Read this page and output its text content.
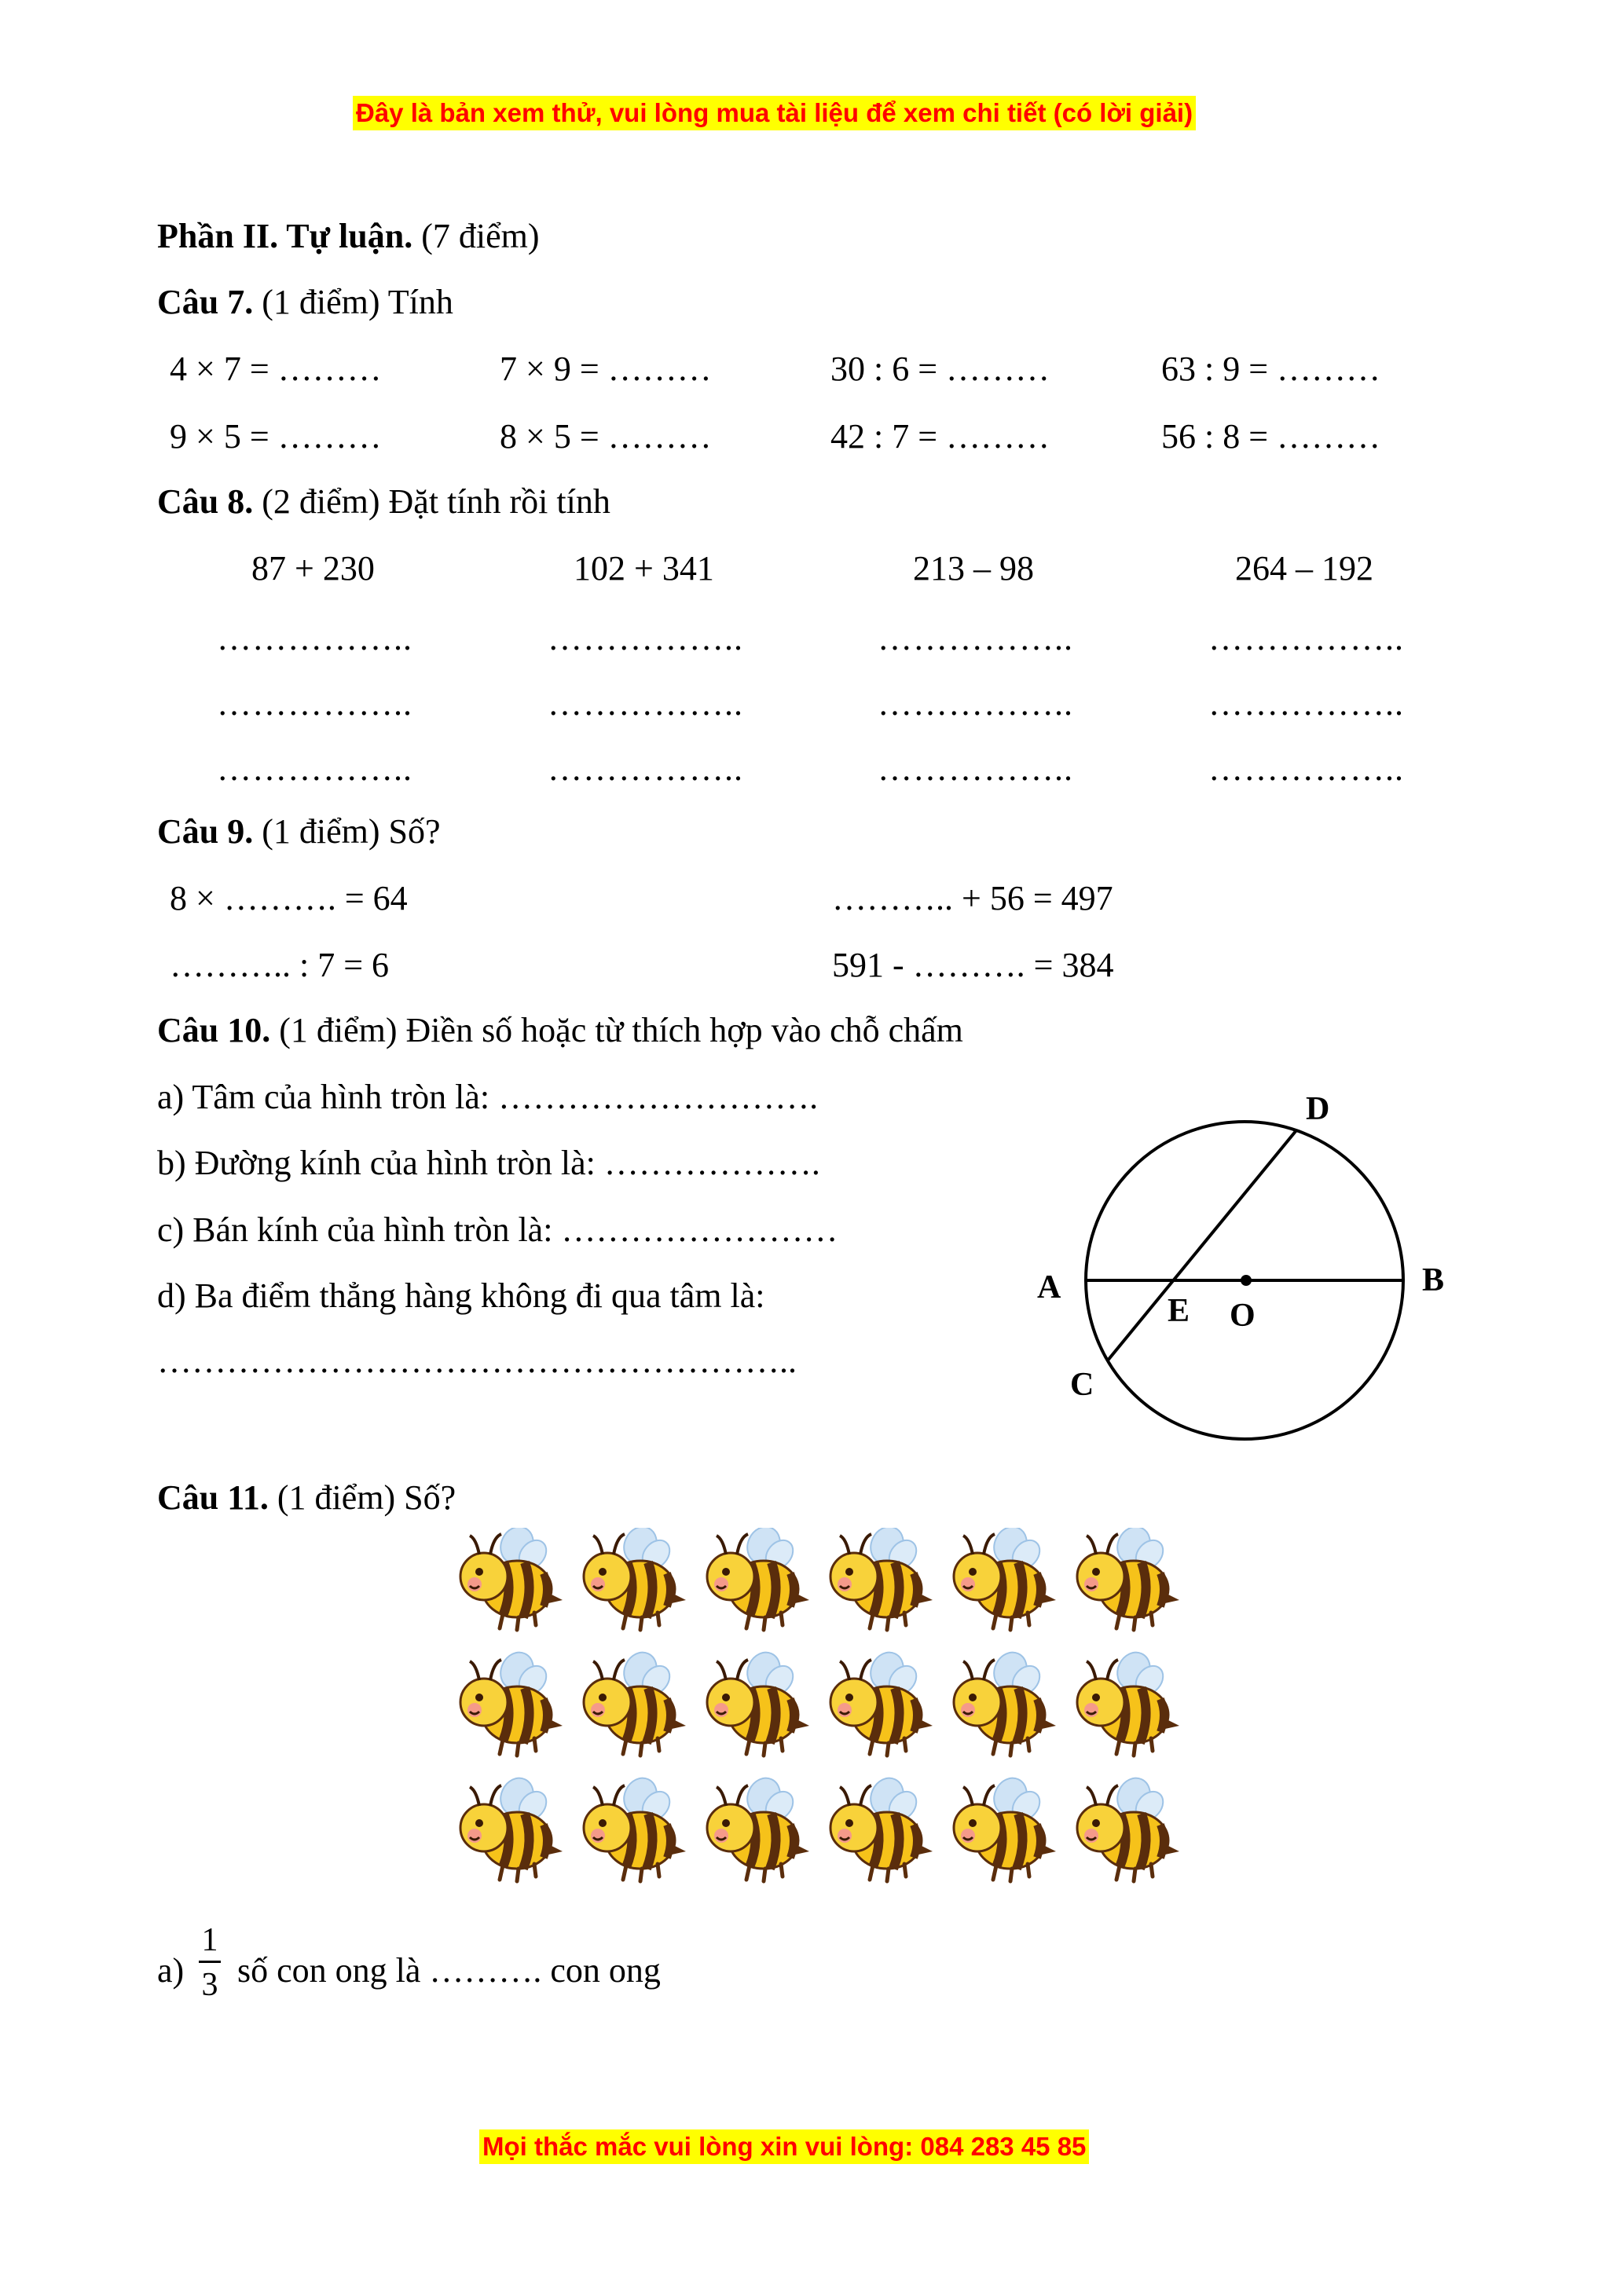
Đây là bản xem thử, vui lòng mua tài liệu để xem chi tiết (có lời giải)
Phần II. Tự luận. (7 điểm)
Câu 7. (1 điểm) Tính
4 × 7 = ………	7 × 9 = ………	30 : 6 = ………	63 : 9 = ………
9 × 5 = ………	8 × 5 = ………	42 : 7 = ………	56 : 8 = ………
Câu 8. (2 điểm) Đặt tính rồi tính
87 + 230	102 + 341	213 – 98	264 – 192
……………..	……………..	……………..	……………..
……………..	……………..	……………..	……………..
……………..	……………..	……………..	……………..
Câu 9. (1 điểm) Số?
8 × ………. = 64	……….. + 56 = 497
……….. : 7 = 6	591 - ………. = 384
Câu 10. (1 điểm) Điền số hoặc từ thích hợp vào chỗ chấm
a) Tâm của hình tròn là: ……………………….
b) Đường kính của hình tròn là: ……………….
c) Bán kính của hình tròn là: ……………………
d) Ba điểm thẳng hàng không đi qua tâm là:
………………………………………………..
D
A	B
E O
C
Câu 11. (1 điểm) Số?
a)
1
3 số con ong là ………. con ong
Mọi thắc mắc vui lòng xin vui lòng: 084 283 45 85
